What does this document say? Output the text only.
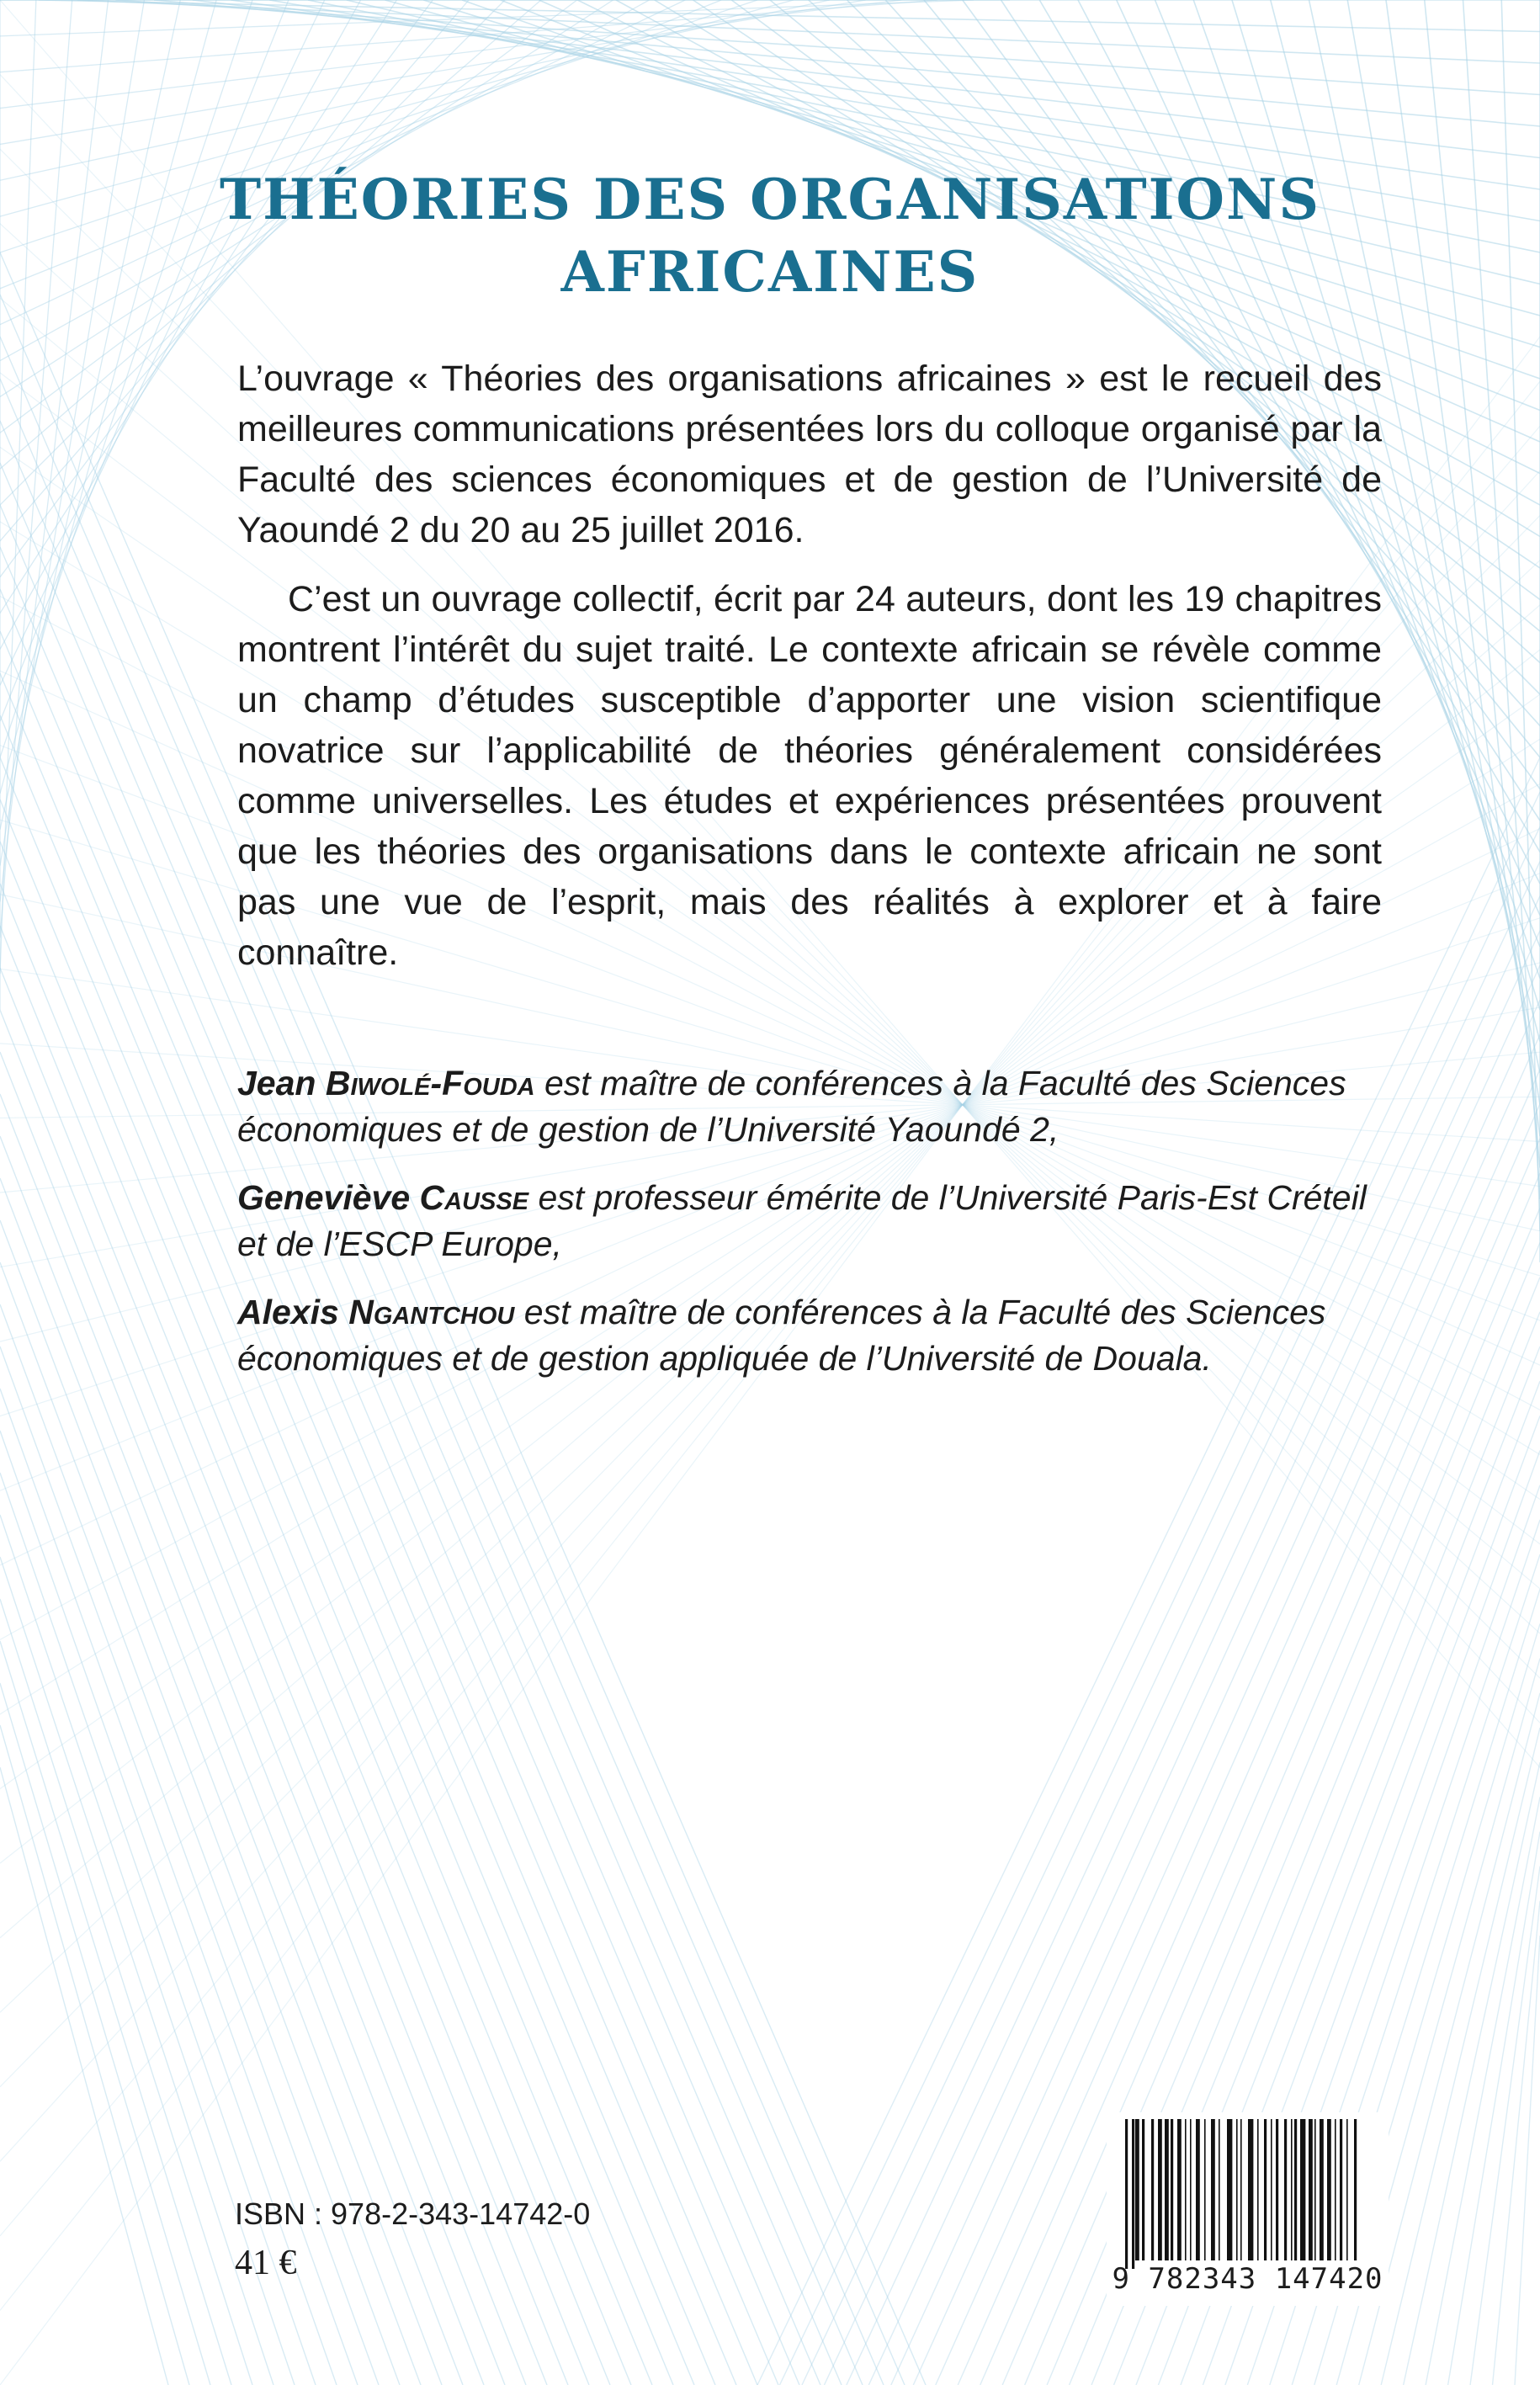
THÉORIES DES ORGANISATIONS
AFRICAINES

L’ouvrage « Théories des organisations africaines » est le recueil des meilleures communications présentées lors du colloque organisé par la Faculté des sciences économiques et de gestion de l’Université de Yaoundé 2 du 20 au 25 juillet 2016.

C’est un ouvrage collectif, écrit par 24 auteurs, dont les 19 chapitres montrent l’intérêt du sujet traité. Le contexte africain se révèle comme un champ d’études susceptible d’apporter une vision scientifique novatrice sur l’applicabilité de théories généralement considérées comme universelles. Les études et expériences présentées prouvent que les théories des organisations dans le contexte africain ne sont pas une vue de l’esprit, mais des réalités à explorer et à faire connaître.

Jean Biwolé-Fouda est maître de conférences à la Faculté des Sciences économiques et de gestion de l’Université Yaoundé 2,

Geneviève Causse est professeur émérite de l’Université Paris-Est Créteil et de l’ESCP Europe,

Alexis Ngantchou est maître de conférences à la Faculté des Sciences économiques et de gestion appliquée de l’Université de Douala.

ISBN : 978-2-343-14742-0
41 €	9 782343 147420
